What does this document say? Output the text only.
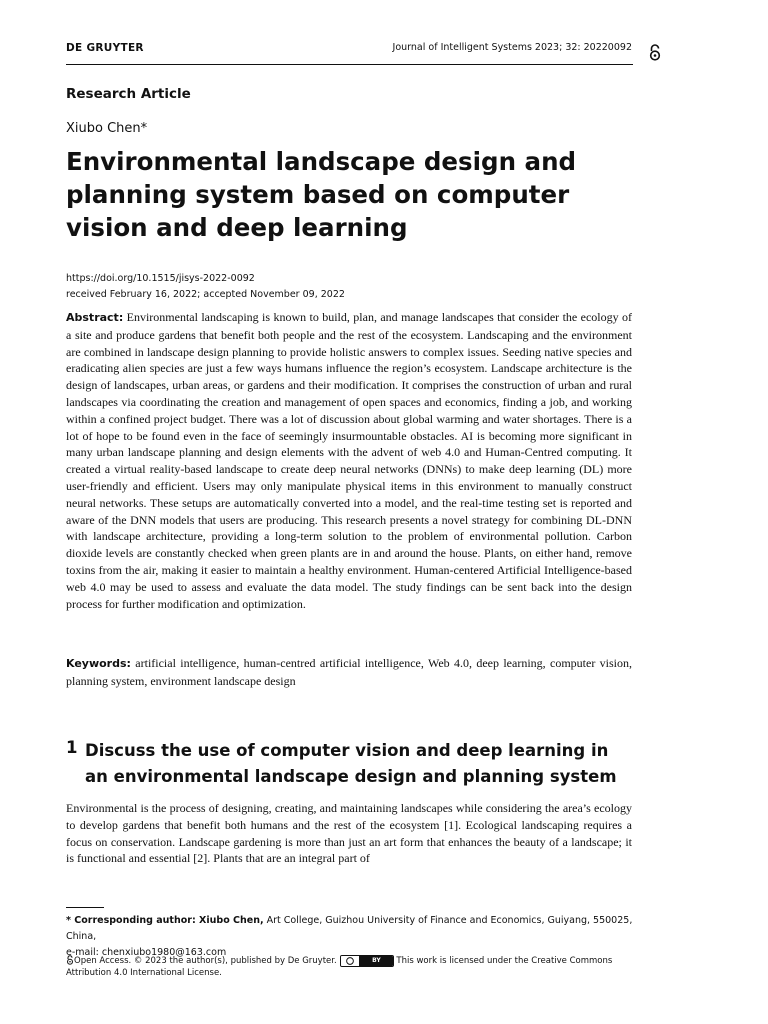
DE GRUYTER	Journal of Intelligent Systems 2023; 32: 20220092
Research Article
Xiubo Chen*
Environmental landscape design and planning system based on computer vision and deep learning
https://doi.org/10.1515/jisys-2022-0092
received February 16, 2022; accepted November 09, 2022

Abstract: Environmental landscaping is known to build, plan, and manage landscapes that consider the ecology of a site and produce gardens that benefit both people and the rest of the ecosystem. Landscaping and the environment are combined in landscape design planning to provide holistic answers to complex issues. Seeding native species and eradicating alien species are just a few ways humans influence the region’s ecosystem. Landscape architecture is the design of landscapes, urban areas, or gardens and their modification. It comprises the construction of urban and rural landscapes via coordinating the creation and management of open spaces and economics, finding a job, and working within a confined project budget. There was a lot of discussion about global warming and water shortages. There is a lot of hope to be found even in the face of seemingly insurmountable obstacles. AI is becoming more significant in many urban landscape planning and design elements with the advent of web 4.0 and Human-Centred computing. It created a virtual reality-based landscape to create deep neural networks (DNNs) to make deep learning (DL) more user-friendly and efficient. Users may only manipulate physical items in this environment to manually construct neural networks. These setups are automatically converted into a model, and the real-time testing set is reported and aware of the DNN models that users are producing. This research presents a novel strategy for combining DL-DNN with landscape architecture, providing a long-term solution to the problem of environmental pollution. Carbon dioxide levels are constantly checked when green plants are in and around the house. Plants, on either hand, remove toxins from the air, making it easier to maintain a healthy environment. Human-centered Artificial Intelligence-based web 4.0 may be used to assess and evaluate the data model. The study findings can be sent back into the design process for further modification and optimization.

Keywords: artificial intelligence, human-centred artificial intelligence, Web 4.0, deep learning, computer vision, planning system, environment landscape design

1 Discuss the use of computer vision and deep learning in an environmental landscape design and planning system

Environmental is the process of designing, creating, and maintaining landscapes while considering the area’s ecology to develop gardens that benefit both humans and the rest of the ecosystem [1]. Ecological landscaping requires a focus on conservation. Landscape gardening is more than just an art form that enhances the beauty of a landscape; it is functional and essential [2]. Plants that are an integral part of

* Corresponding author: Xiubo Chen, Art College, Guizhou University of Finance and Economics, Guiyang, 550025, China,
e-mail: chenxiubo1980@163.com
Open Access. © 2023 the author(s), published by De Gruyter.	BY	This work is licensed under the Creative Commons Attribution 4.0 International License.
